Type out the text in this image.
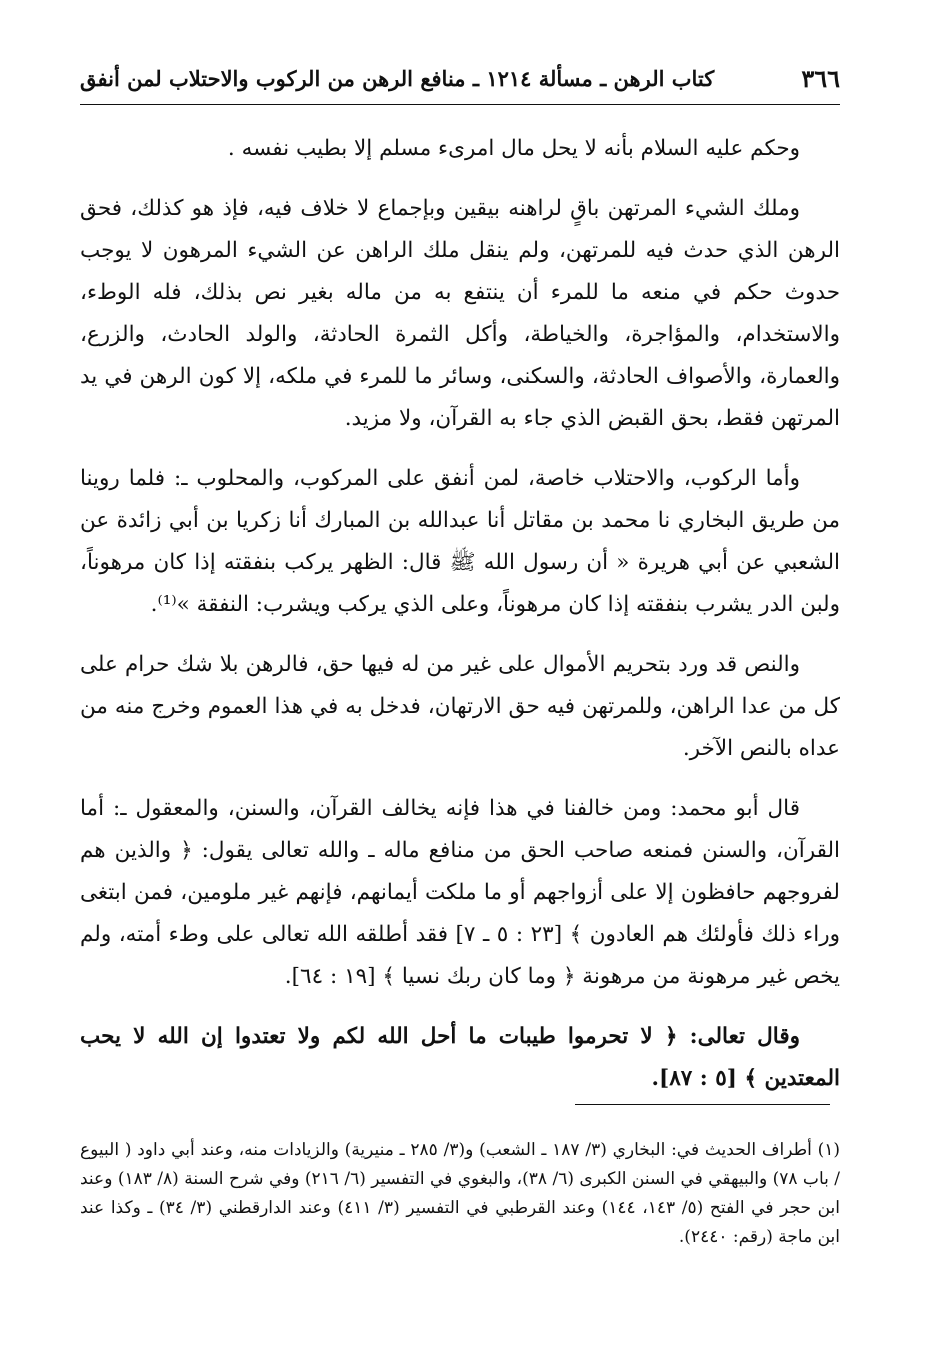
٣٦٦
كتاب الرهن ـ مسألة ١٢١٤ ـ منافع الرهن من الركوب والاحتلاب لمن أنفق

وحكم عليه السلام بأنه لا يحل مال امرىء مسلم إلا بطيب نفسه .

وملك الشيء المرتهن باقٍ لراهنه بيقين وبإجماع لا خلاف فيه، فإذ هو كذلك، فحق الرهن الذي حدث فيه للمرتهن، ولم ينقل ملك الراهن عن الشيء المرهون لا يوجب حدوث حكم في منعه ما للمرء أن ينتفع به من ماله بغير نص بذلك، فله الوطء، والاستخدام، والمؤاجرة، والخياطة، وأكل الثمرة الحادثة، والولد الحادث، والزرع، والعمارة، والأصواف الحادثة، والسكنى، وسائر ما للمرء في ملكه، إلا كون الرهن في يد المرتهن فقط، بحق القبض الذي جاء به القرآن، ولا مزيد.

وأما الركوب، والاحتلاب خاصة، لمن أنفق على المركوب، والمحلوب ـ: فلما روينا من طريق البخاري نا محمد بن مقاتل أنا عبدالله بن المبارك أنا زكريا بن أبي زائدة عن الشعبي عن أبي هريرة « أن رسول الله ﷺ قال: الظهر يركب بنفقته إذا كان مرهوناً، ولبن الدر يشرب بنفقته إذا كان مرهوناً، وعلى الذي يركب ويشرب: النفقة »⁽¹⁾.

والنص قد ورد بتحريم الأموال على غير من له فيها حق، فالرهن بلا شك حرام على كل من عدا الراهن، وللمرتهن فيه حق الارتهان، فدخل به في هذا العموم وخرج منه من عداه بالنص الآخر.

قال أبو محمد: ومن خالفنا في هذا فإنه يخالف القرآن، والسنن، والمعقول ـ: أما القرآن، والسنن فمنعه صاحب الحق من منافع ماله ـ والله تعالى يقول: ﴿ والذين هم لفروجهم حافظون إلا على أزواجهم أو ما ملكت أيمانهم، فإنهم غير ملومين، فمن ابتغى وراء ذلك فأولئك هم العادون ﴾ [٢٣ : ٥ ـ ٧] فقد أطلقه الله تعالى على وطء أمته، ولم يخص غير مرهونة من مرهونة ﴿ وما كان ربك نسيا ﴾ [١٩ : ٦٤].

وقال تعالى: ﴿ لا تحرموا طيبات ما أحل الله لكم ولا تعتدوا إن الله لا يحب المعتدين ﴾ [٥ : ٨٧].

(١) أطراف الحديث في: البخاري (٣/ ١٨٧ ـ الشعب) و(٣/ ٢٨٥ ـ منيرية) والزيادات منه، وعند أبي داود ( البيوع / باب ٧٨) والبيهقي في السنن الكبرى (٦/ ٣٨)، والبغوي في التفسير (٦/ ٢١٦) وفي شرح السنة (٨/ ١٨٣) وعند ابن حجر في الفتح (٥/ ١٤٣، ١٤٤) وعند القرطبي في التفسير (٣/ ٤١١) وعند الدارقطني (٣/ ٣٤) ـ وكذا عند ابن ماجة (رقم: ٢٤٤٠).
